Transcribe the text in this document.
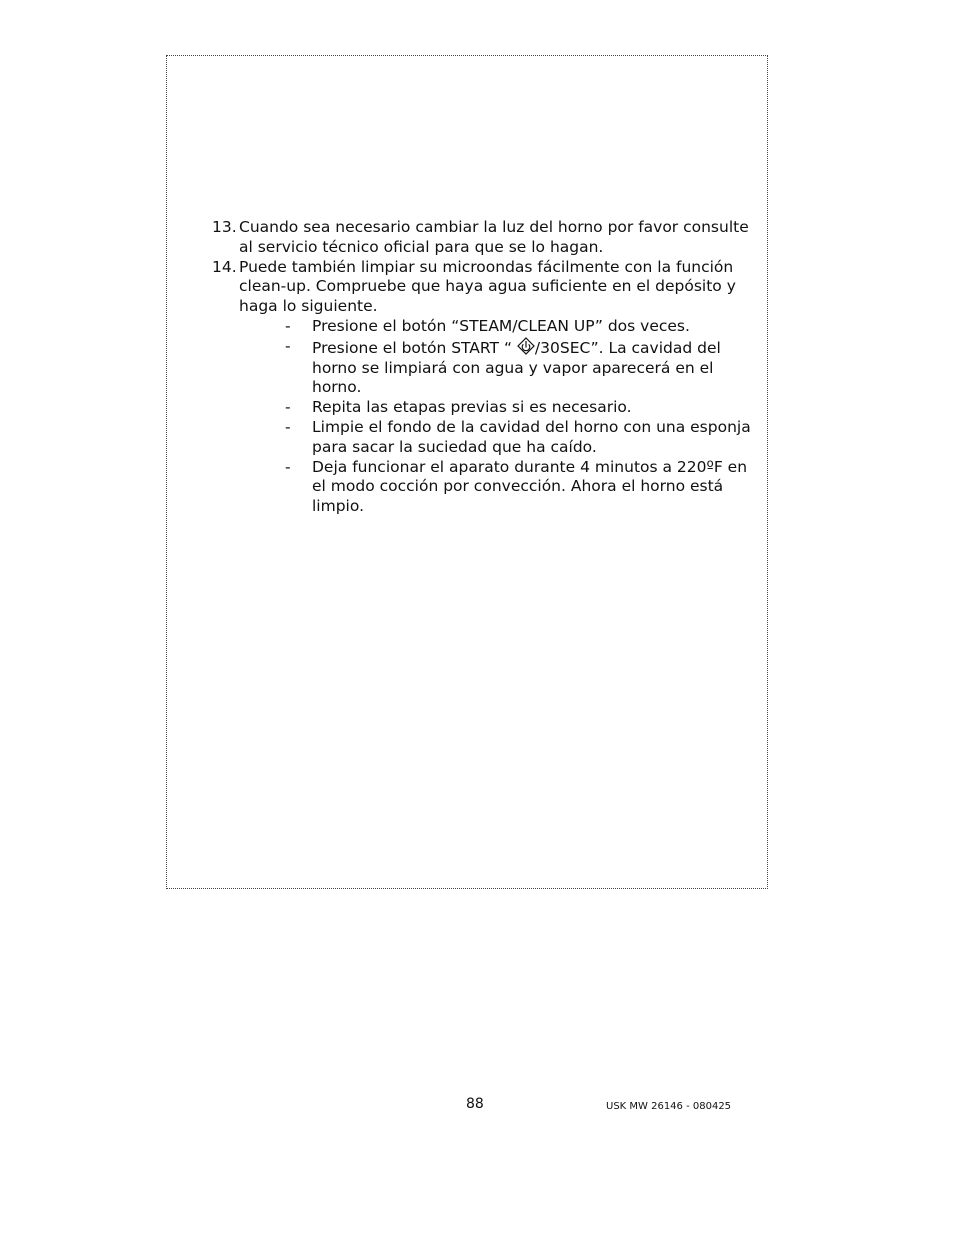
13. Cuando sea necesario cambiar la luz del horno por favor consulte al servicio técnico oficial para que se lo hagan.
14. Puede también limpiar su microondas fácilmente con la función clean-up. Compruebe que haya agua suficiente en el depósito y haga lo siguiente.
-	Presione el botón “STEAM/CLEAN UP” dos veces.
-	Presione el botón START “ /30SEC”. La cavidad del horno se limpiará con agua y vapor aparecerá en el horno.
-	Repita las etapas previas si es necesario.
-	Limpie el fondo de la cavidad del horno con una esponja para sacar la suciedad que ha caído.
-	Deja funcionar el aparato durante 4 minutos a 220ºF en el modo cocción por convección. Ahora el horno está limpio.
88	USK MW 26146 - 080425
